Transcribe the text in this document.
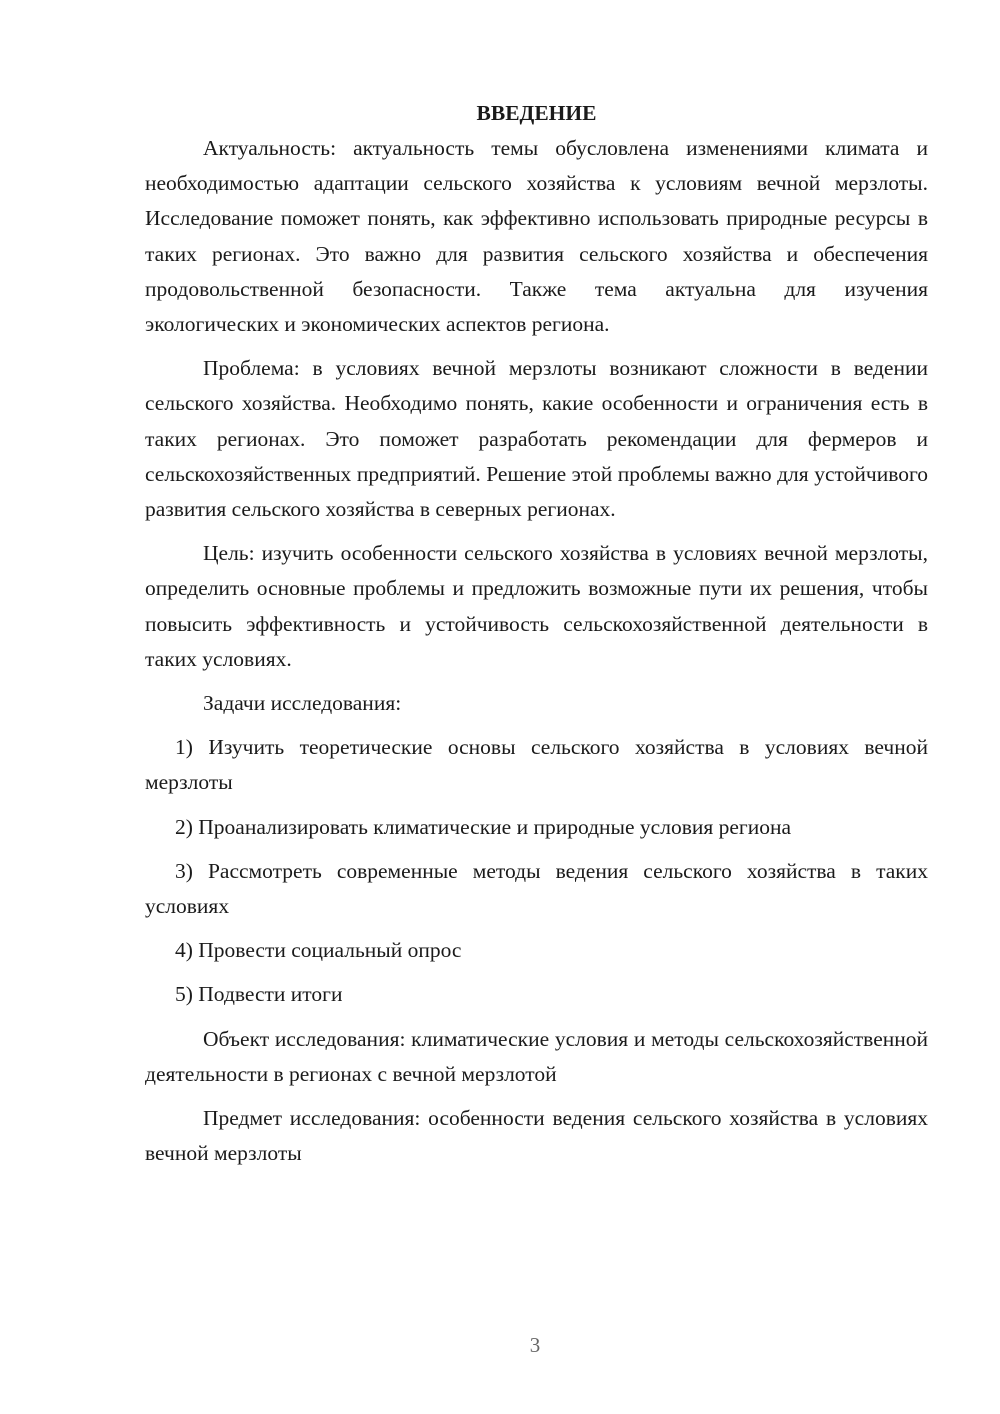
ВВЕДЕНИЕ

Актуальность: актуальность темы обусловлена изменениями климата и необходимостью адаптации сельского хозяйства к условиям вечной мерзлоты. Исследование поможет понять, как эффективно использовать природные ресурсы в таких регионах. Это важно для развития сельского хозяйства и обеспечения продовольственной безопасности. Также тема актуальна для изучения экологических и экономических аспектов региона.

Проблема: в условиях вечной мерзлоты возникают сложности в ведении сельского хозяйства. Необходимо понять, какие особенности и ограничения есть в таких регионах. Это поможет разработать рекомендации для фермеров и сельскохозяйственных предприятий. Решение этой проблемы важно для устойчивого развития сельского хозяйства в северных регионах.

Цель: изучить особенности сельского хозяйства в условиях вечной мерзлоты, определить основные проблемы и предложить возможные пути их решения, чтобы повысить эффективность и устойчивость сельскохозяйственной деятельности в таких условиях.

Задачи исследования:

1) Изучить теоретические основы сельского хозяйства в условиях вечной мерзлоты

2) Проанализировать климатические и природные условия региона

3) Рассмотреть современные методы ведения сельского хозяйства в таких условиях

4) Провести социальный опрос

5) Подвести итоги

Объект исследования: климатические условия и методы сельскохозяйственной деятельности в регионах с вечной мерзлотой

Предмет исследования: особенности ведения сельского хозяйства в условиях вечной мерзлоты

3
